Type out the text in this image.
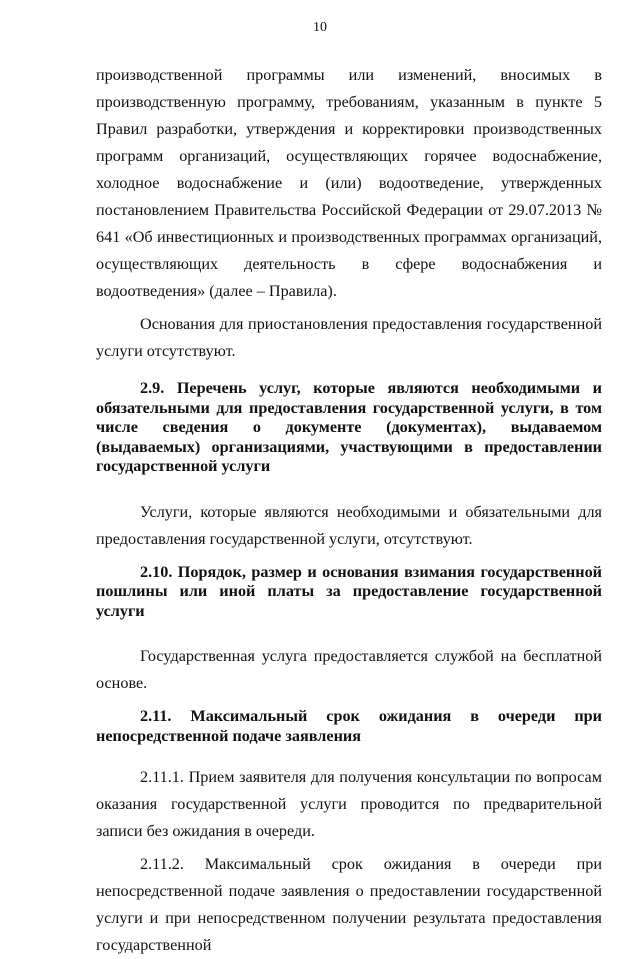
10

производственной программы или изменений, вносимых в производственную программу, требованиям, указанным в пункте 5 Правил разработки, утверждения и корректировки производственных программ организаций, осуществляющих горячее водоснабжение, холодное водоснабжение и (или) водоотведение, утвержденных постановлением Правительства Российской Федерации от 29.07.2013 № 641 «Об инвестиционных и производственных программах организаций, осуществляющих деятельность в сфере водоснабжения и водоотведения» (далее – Правила).

Основания для приостановления предоставления государственной услуги отсутствуют.

2.9. Перечень услуг, которые являются необходимыми и обязательными для предоставления государственной услуги, в том числе сведения о документе (документах), выдаваемом (выдаваемых) организациями, участвующими в предоставлении государственной услуги

Услуги, которые являются необходимыми и обязательными для предоставления государственной услуги, отсутствуют.

2.10. Порядок, размер и основания взимания государственной пошлины или иной платы за предоставление государственной услуги

Государственная услуга предоставляется службой на бесплатной основе.

2.11. Максимальный срок ожидания в очереди при непосредственной подаче заявления

2.11.1. Прием заявителя для получения консультации по вопросам оказания государственной услуги проводится по предварительной записи без ожидания в очереди.

2.11.2. Максимальный срок ожидания в очереди при непосредственной подаче заявления о предоставлении государственной услуги и при непосредственном получении результата предоставления государственной
